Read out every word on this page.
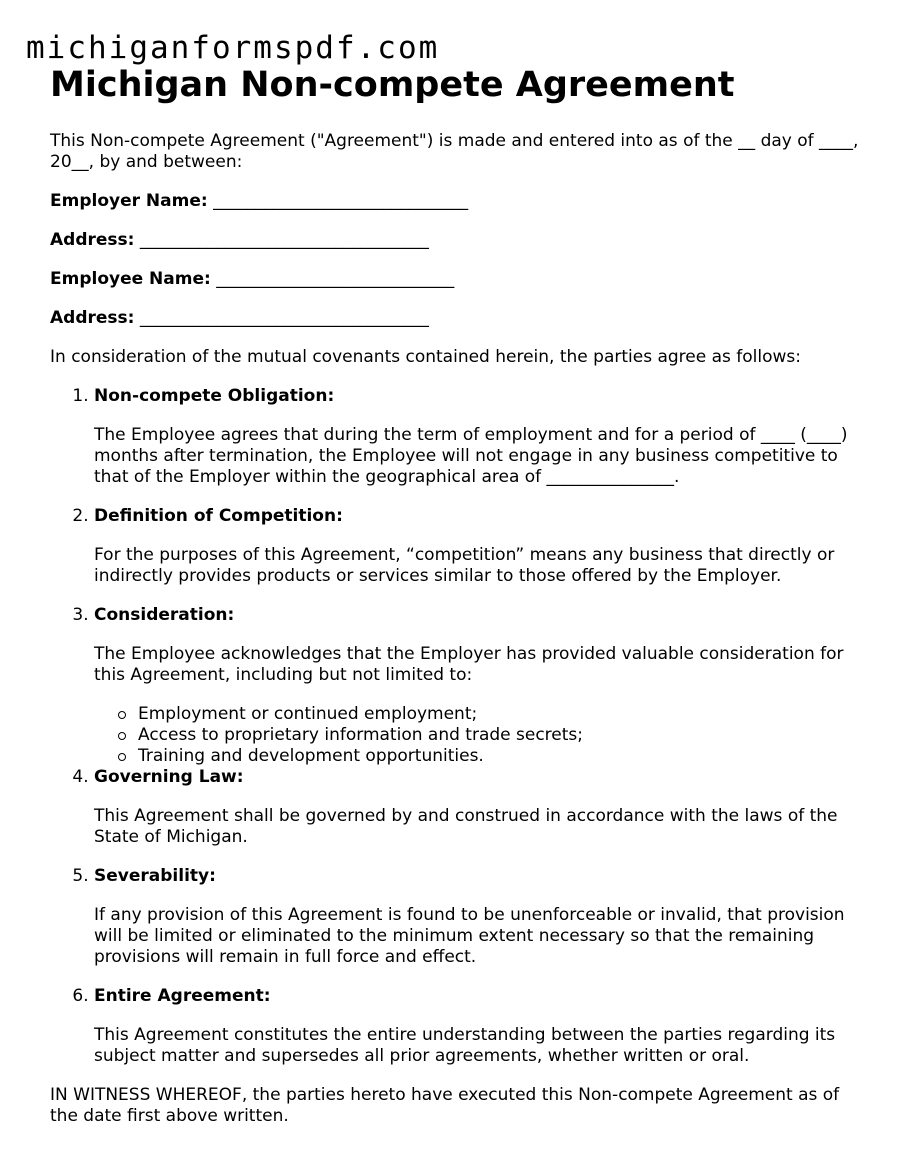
michiganformspdf.com
Michigan Non-compete Agreement

This Non-compete Agreement ("Agreement") is made and entered into as of the __ day of ____, 20__, by and between:

Employer Name: ______________________________

Address: __________________________________

Employee Name: ____________________________

Address: __________________________________

In consideration of the mutual covenants contained herein, the parties agree as follows:

1. Non-compete Obligation:

The Employee agrees that during the term of employment and for a period of ____ (____) months after termination, the Employee will not engage in any business competitive to that of the Employer within the geographical area of _______________.

2. Definition of Competition:

For the purposes of this Agreement, “competition” means any business that directly or indirectly provides products or services similar to those offered by the Employer.

3. Consideration:

The Employee acknowledges that the Employer has provided valuable consideration for this Agreement, including but not limited to:

Employment or continued employment;
Access to proprietary information and trade secrets;
Training and development opportunities.
4. Governing Law:

This Agreement shall be governed by and construed in accordance with the laws of the State of Michigan.

5. Severability:

If any provision of this Agreement is found to be unenforceable or invalid, that provision will be limited or eliminated to the minimum extent necessary so that the remaining provisions will remain in full force and effect.

6. Entire Agreement:

This Agreement constitutes the entire understanding between the parties regarding its subject matter and supersedes all prior agreements, whether written or oral.

IN WITNESS WHEREOF, the parties hereto have executed this Non-compete Agreement as of the date first above written.
